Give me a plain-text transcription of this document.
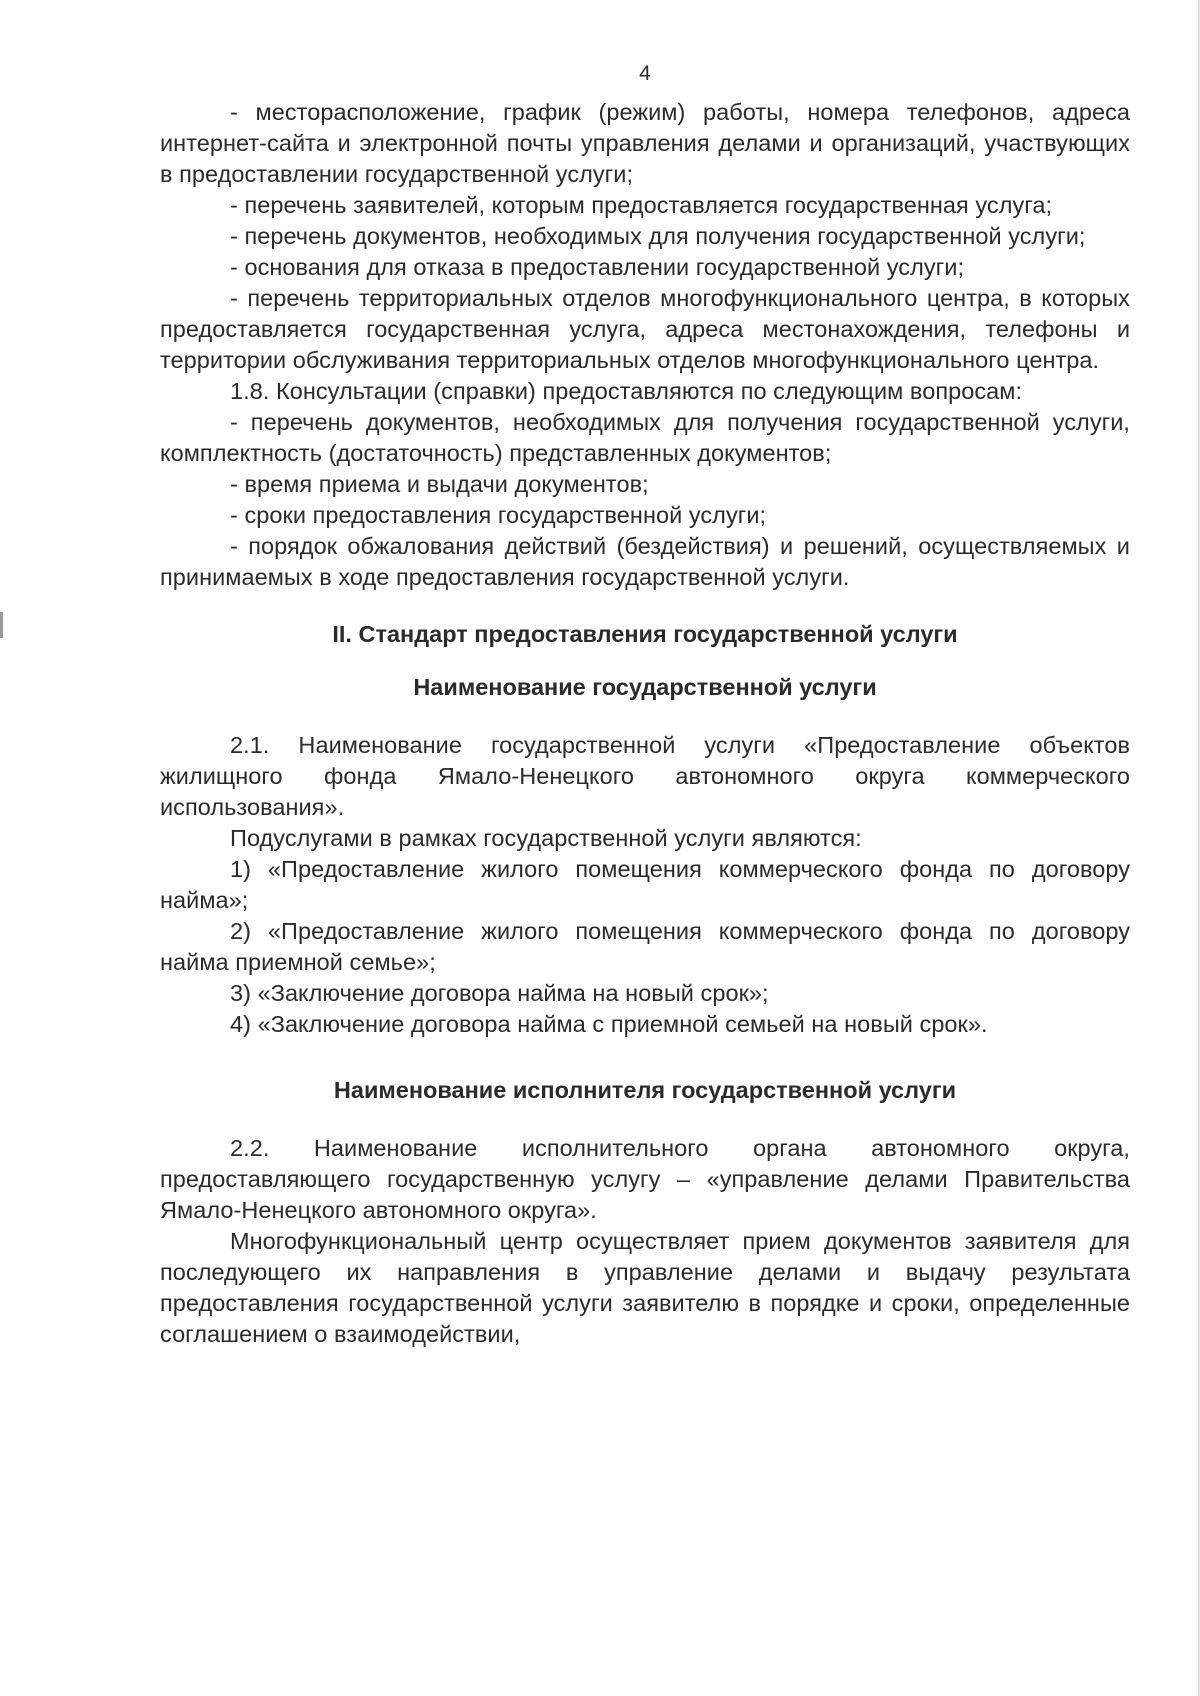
4

- месторасположение, график (режим) работы, номера телефонов, адреса интернет-сайта и электронной почты управления делами и организаций, участвующих в предоставлении государственной услуги;

- перечень заявителей, которым предоставляется государственная услуга;

- перечень документов, необходимых для получения государственной услуги;

- основания для отказа в предоставлении государственной услуги;

- перечень территориальных отделов многофункционального центра, в которых предоставляется государственная услуга, адреса местонахождения, телефоны и территории обслуживания территориальных отделов многофункционального центра.

1.8. Консультации (справки) предоставляются по следующим вопросам:

- перечень документов, необходимых для получения государственной услуги, комплектность (достаточность) представленных документов;

- время приема и выдачи документов;

- сроки предоставления государственной услуги;

- порядок обжалования действий (бездействия) и решений, осуществляемых и принимаемых в ходе предоставления государственной услуги.

II. Стандарт предоставления государственной услуги
Наименование государственной услуги

2.1. Наименование государственной услуги «Предоставление объектов жилищного фонда Ямало-Ненецкого автономного округа коммерческого использования».

Подуслугами в рамках государственной услуги являются:

1) «Предоставление жилого помещения коммерческого фонда по договору найма»;

2) «Предоставление жилого помещения коммерческого фонда по договору найма приемной семье»;

3) «Заключение договора найма на новый срок»;

4) «Заключение договора найма с приемной семьей на новый срок».

Наименование исполнителя государственной услуги

2.2. Наименование исполнительного органа автономного округа, предоставляющего государственную услугу – «управление делами Правительства Ямало-Ненецкого автономного округа».

Многофункциональный центр осуществляет прием документов заявителя для последующего их направления в управление делами и выдачу результата предоставления государственной услуги заявителю в порядке и сроки, определенные соглашением о взаимодействии,
